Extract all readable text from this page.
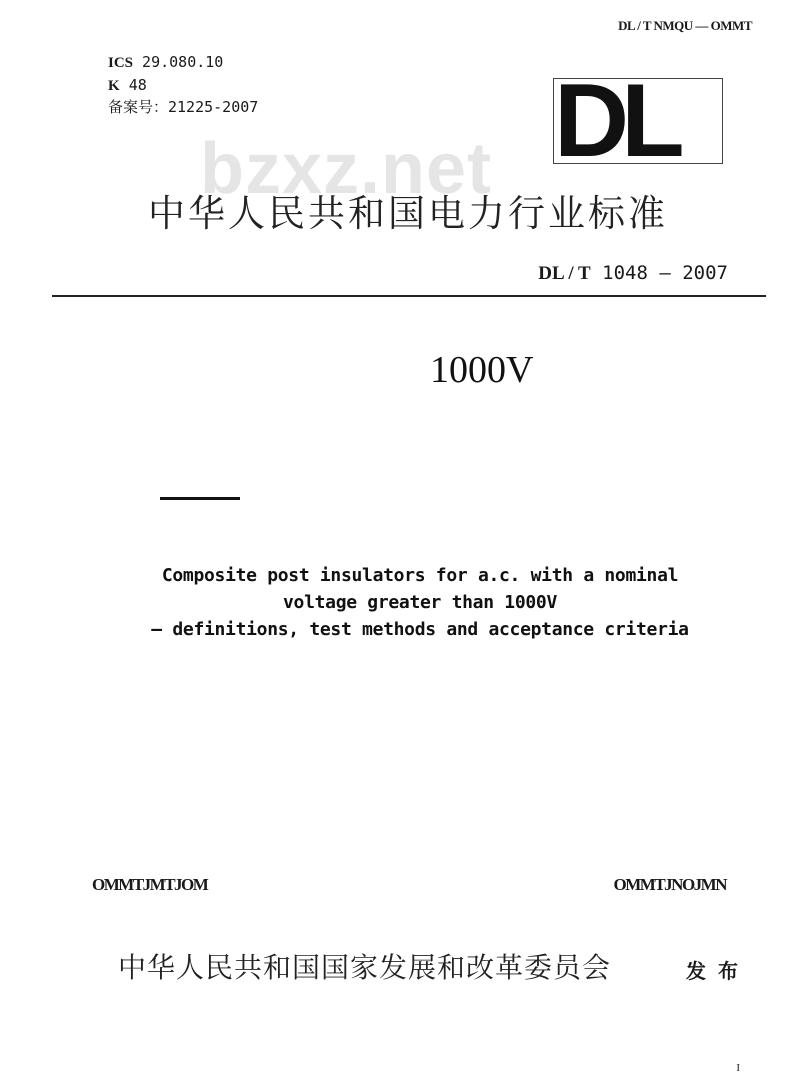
DL / T NMQU — OMMT
ICS 29.080.10
K 48
备案号：21225-2007	DL
bzxz.net
中华人民共和国电力行业标准
DL / T 1048 — 2007
1000V
Composite post insulators for a.c. with a nominal
voltage greater than 1000V
— definitions, test methods and acceptance criteria
OMMTJMTJOM	OMMTJNOJMN
中华人民共和国国家发展和改革委员会	发布
I
